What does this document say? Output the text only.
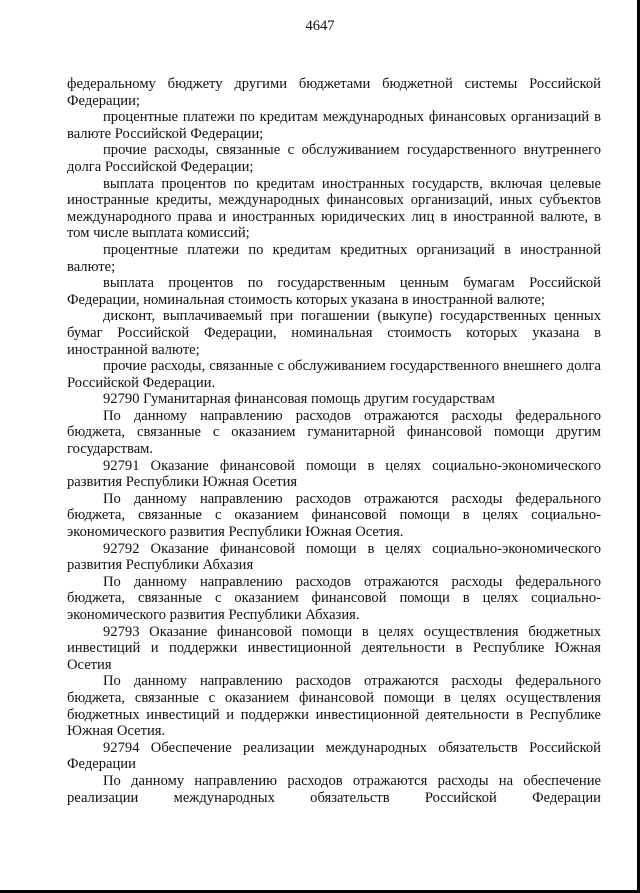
4647

федеральному бюджету другими бюджетами бюджетной системы Российской Федерации;

процентные платежи по кредитам международных финансовых организаций в валюте Российской Федерации;

прочие расходы, связанные с обслуживанием государственного внутреннего долга Российской Федерации;

выплата процентов по кредитам иностранных государств, включая целевые иностранные кредиты, международных финансовых организаций, иных субъектов международного права и иностранных юридических лиц в иностранной валюте, в том числе выплата комиссий;

процентные платежи по кредитам кредитных организаций в иностранной валюте;

выплата процентов по государственным ценным бумагам Российской Федерации, номинальная стоимость которых указана в иностранной валюте;

дисконт, выплачиваемый при погашении (выкупе) государственных ценных бумаг Российской Федерации, номинальная стоимость которых указана в иностранной валюте;

прочие расходы, связанные с обслуживанием государственного внешнего долга Российской Федерации.

92790 Гуманитарная финансовая помощь другим государствам

По данному направлению расходов отражаются расходы федерального бюджета, связанные с оказанием гуманитарной финансовой помощи другим государствам.

92791 Оказание финансовой помощи в целях социально-экономического развития Республики Южная Осетия

По данному направлению расходов отражаются расходы федерального бюджета, связанные с оказанием финансовой помощи в целях социально-экономического развития Республики Южная Осетия.

92792 Оказание финансовой помощи в целях социально-экономического развития Республики Абхазия

По данному направлению расходов отражаются расходы федерального бюджета, связанные с оказанием финансовой помощи в целях социально-экономического развития Республики Абхазия.

92793 Оказание финансовой помощи в целях осуществления бюджетных инвестиций и поддержки инвестиционной деятельности в Республике Южная Осетия

По данному направлению расходов отражаются расходы федерального бюджета, связанные с оказанием финансовой помощи в целях осуществления бюджетных инвестиций и поддержки инвестиционной деятельности в Республике Южная Осетия.

92794 Обеспечение реализации международных обязательств Российской Федерации

По данному направлению расходов отражаются расходы на обеспечение реализации международных обязательств Российской Федерации
